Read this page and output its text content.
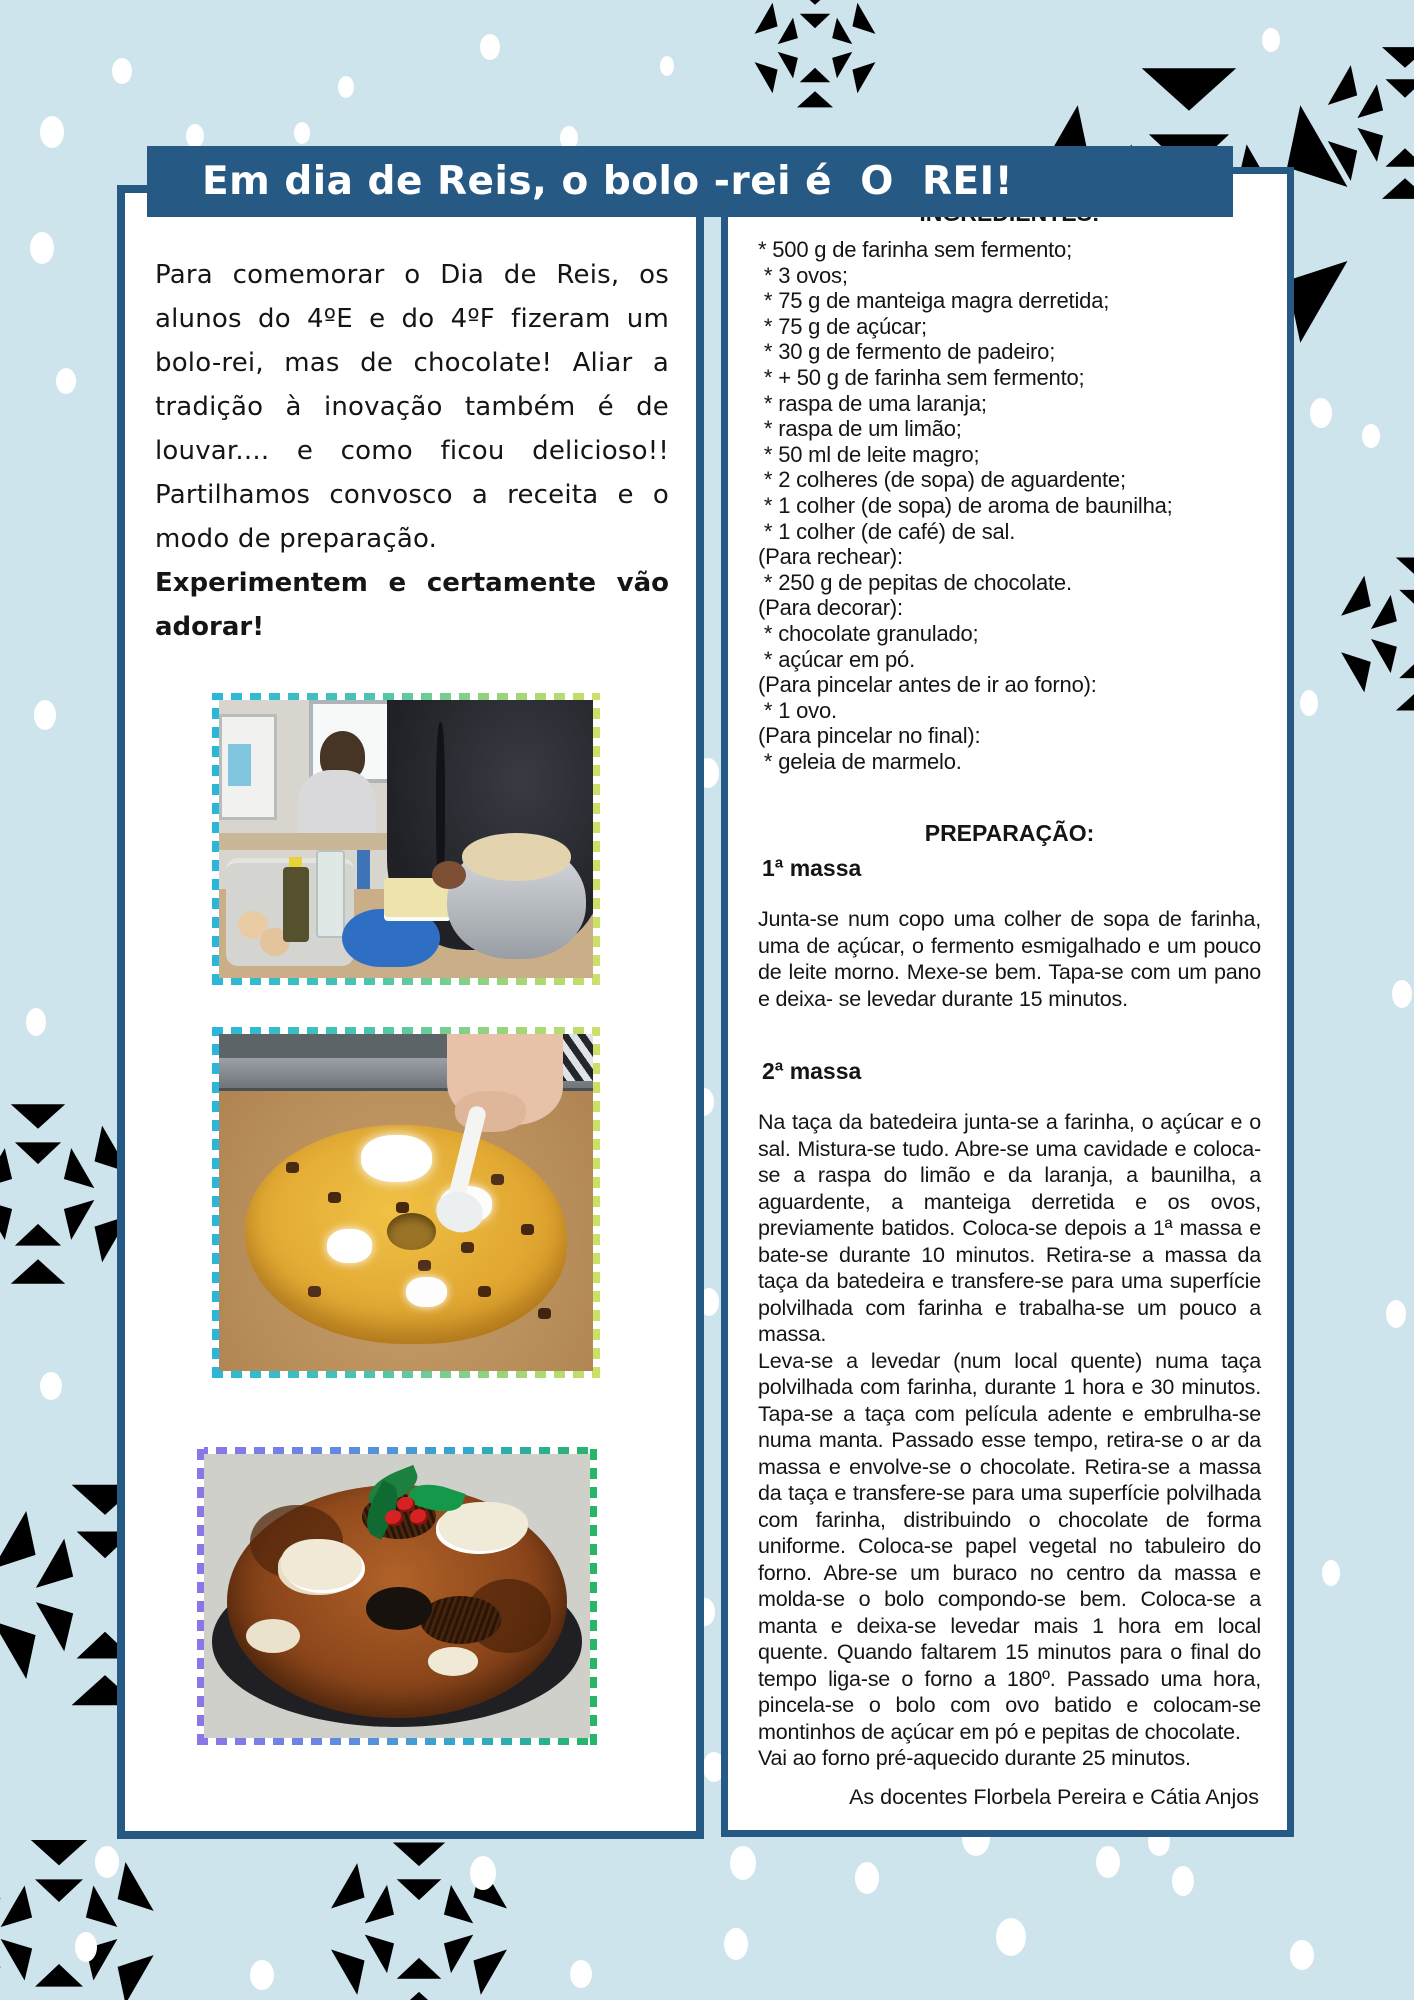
Para comemorar o Dia de Reis, os alunos do 4ºE e do 4ºF fizeram um bolo-rei, mas de chocolate! Aliar a tradição à inovação também é de louvar.... e como ficou delicioso!! Partilhamos convosco a receita e o modo de preparação.

Experimentem e certamente vão adorar!

* 500 g de farinha sem fermento;
* 3 ovos;
* 75 g de manteiga magra derretida;
* 75 g de açúcar;
* 30 g de fermento de padeiro;
* + 50 g de farinha sem fermento;
* raspa de uma laranja;
* raspa de um limão;
* 50 ml de leite magro;
* 2 colheres (de sopa) de aguardente;
* 1 colher (de sopa) de aroma de baunilha;
* 1 colher (de café) de sal.
(Para rechear):
* 250 g de pepitas de chocolate.
(Para decorar):
* chocolate granulado;
* açúcar em pó.
(Para pincelar antes de ir ao forno):
* 1 ovo.
(Para pincelar no final):
* geleia de marmelo.
PREPARAÇÃO:
1ª massa

Junta-se num copo uma colher de sopa de farinha, uma de açúcar, o fermento esmigalhado e um pouco de leite morno. Mexe-se bem. Tapa-se com um pano e deixa- se levedar durante 15 minutos.

2ª massa

Na taça da batedeira junta-se a farinha, o açúcar e o sal. Mistura-se tudo. Abre-se uma cavidade e coloca-se a raspa do limão e da laranja, a baunilha, a aguardente, a manteiga derretida e os ovos, previamente batidos. Coloca-se depois a 1ª massa e bate-se durante 10 minutos. Retira-se a massa da taça da batedeira e transfere-se para uma superfície polvilhada com farinha e trabalha-se um pouco a massa.

Leva-se a levedar (num local quente) numa taça polvilhada com farinha, durante 1 hora e 30 minutos. Tapa-se a taça com película adente e embrulha-se numa manta. Passado esse tempo, retira-se o ar da massa e envolve-se o chocolate. Retira-se a massa da taça e transfere-se para uma superfície polvilhada com farinha, distribuindo o chocolate de forma uniforme. Coloca-se papel vegetal no tabuleiro do forno. Abre-se um buraco no centro da massa e molda-se o bolo compondo-se bem. Coloca-se a manta e deixa-se levedar mais 1 hora em local quente. Quando faltarem 15 minutos para o final do tempo liga-se o forno a 180º. Passado uma hora, pincela-se o bolo com ovo batido e colocam-se montinhos de açúcar em pó e pepitas de chocolate.

Vai ao forno pré-aquecido durante 25 minutos.

As docentes Florbela Pereira e Cátia Anjos
Em dia de Reis, o bolo -rei é  O  REI!
